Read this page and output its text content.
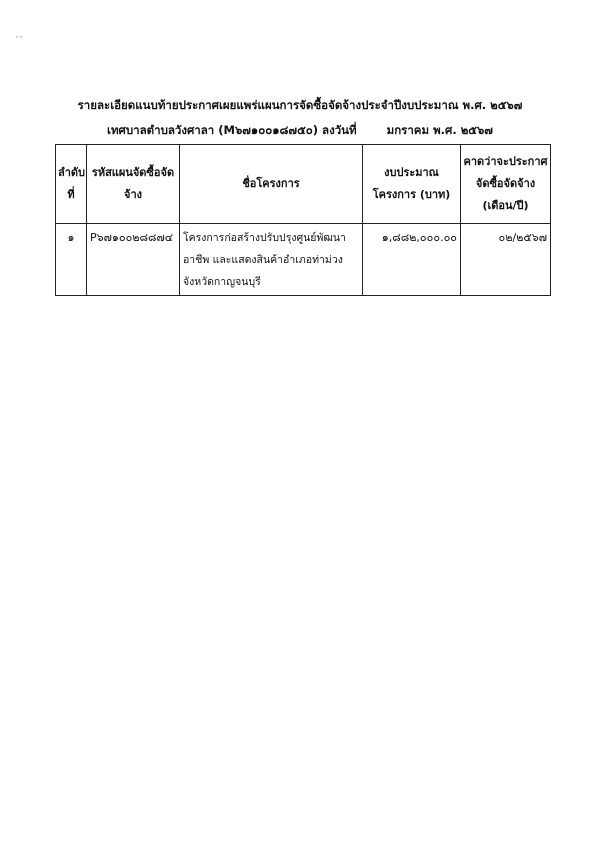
ฺ ฺ
รายละเอียดแนบท้ายประกาศเผยแพร่แผนการจัดซื้อจัดจ้างประจำปีงบประมาณ พ.ศ. ๒๕๖๗
เทศบาลตำบลวังศาลา (M๖๗๑๐๐๑๘๗๕๐) ลงวันที่	มกราคม พ.ศ. ๒๕๖๗
ลำดับที่	รหัสแผนจัดซื้อจัดจ้าง	ชื่อโครงการ	งบประมาณโครงการ (บาท)	คาดว่าจะประกาศจัดซื้อจัดจ้าง (เดือน/ปี)
๑	P๖๗๑๐๐๒๘๘๗๔	โครงการก่อสร้างปรับปรุงศูนย์พัฒนาอาชีพ และแสดงสินค้าอำเภอท่าม่วง จังหวัดกาญจนบุรี	๑,๘๘๒,๐๐๐.๐๐	๐๒/๒๕๖๗
